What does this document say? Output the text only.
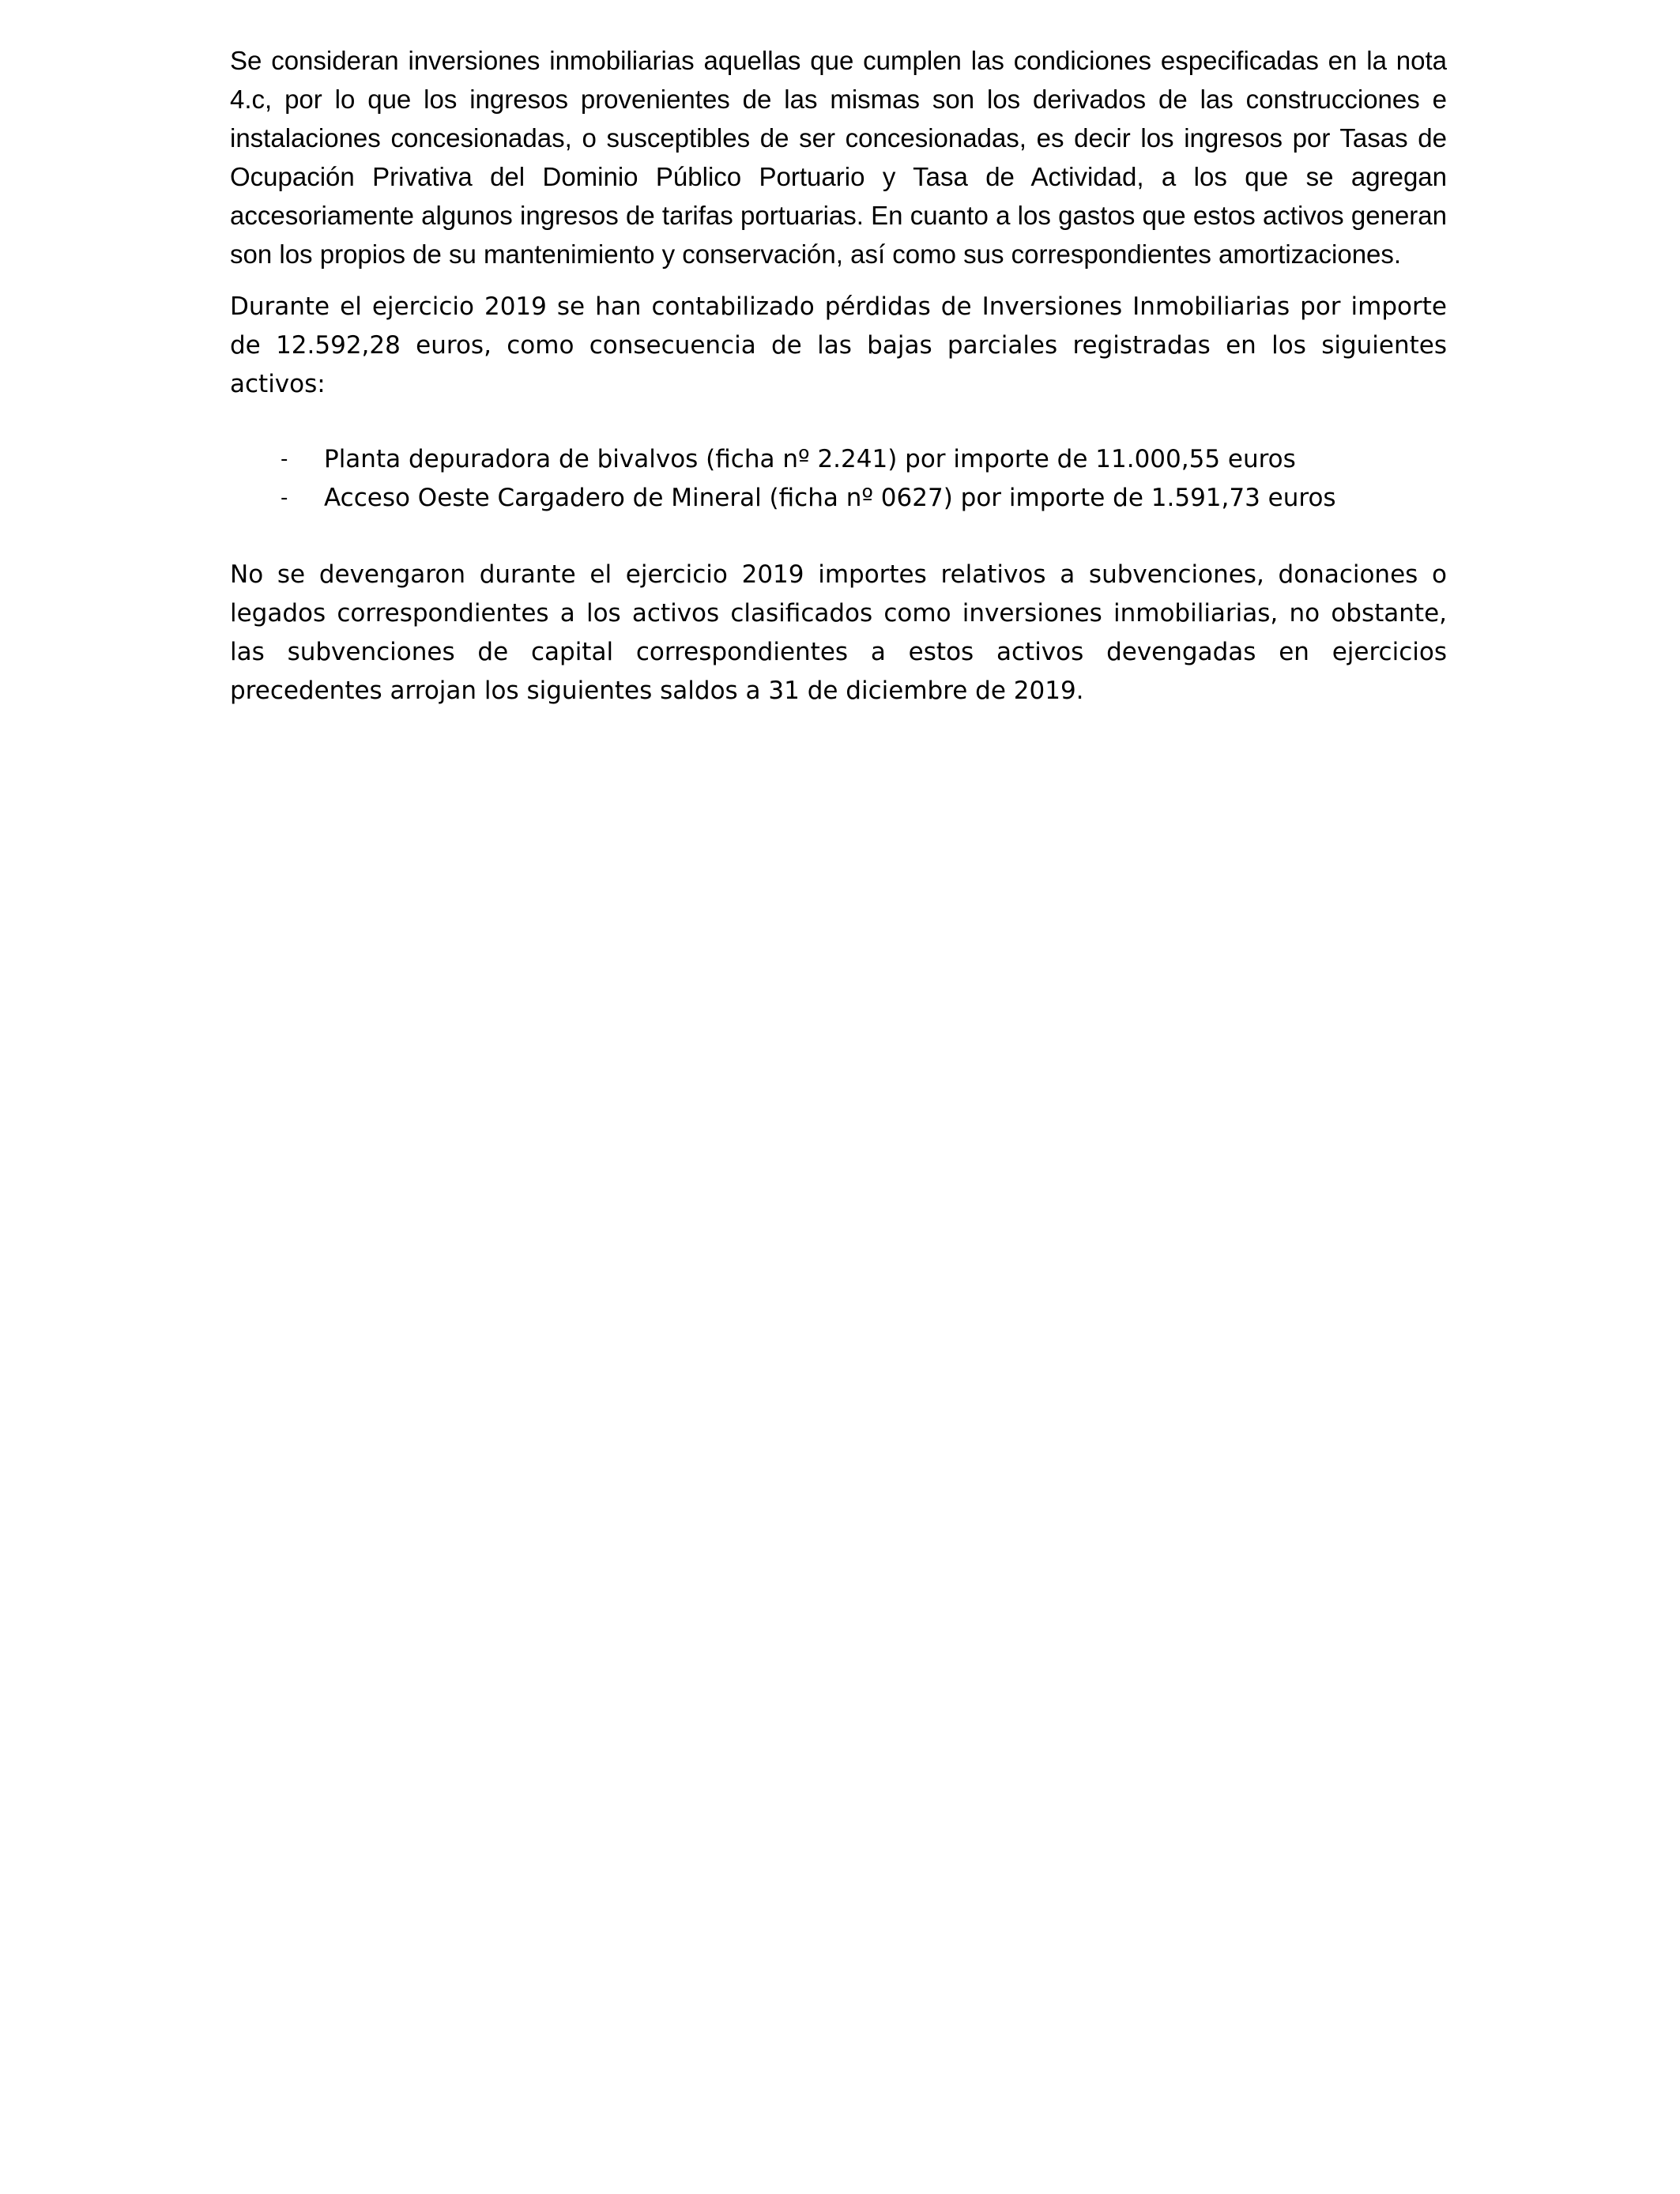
Se consideran inversiones inmobiliarias aquellas que cumplen las condiciones especificadas en la nota 4.c, por lo que los ingresos provenientes de las mismas son los derivados de las construcciones e instalaciones concesionadas, o susceptibles de ser concesionadas, es decir los ingresos por Tasas de Ocupación Privativa del Dominio Público Portuario y Tasa de Actividad, a los que se agregan accesoriamente algunos ingresos de tarifas portuarias. En cuanto a los gastos que estos activos generan son los propios de su mantenimiento y conservación, así como sus correspondientes amortizaciones.

Durante el ejercicio 2019 se han contabilizado pérdidas de Inversiones Inmobiliarias por importe de 12.592,28 euros, como consecuencia de las bajas parciales registradas en los siguientes activos:

- Planta depuradora de bivalvos (ficha nº 2.241) por importe de 11.000,55 euros
- Acceso Oeste Cargadero de Mineral (ficha nº 0627) por importe de 1.591,73 euros

No se devengaron durante el ejercicio 2019 importes relativos a subvenciones, donaciones o legados correspondientes a los activos clasificados como inversiones inmobiliarias, no obstante, las subvenciones de capital correspondientes a estos activos devengadas en ejercicios precedentes arrojan los siguientes saldos a 31 de diciembre de 2019.
